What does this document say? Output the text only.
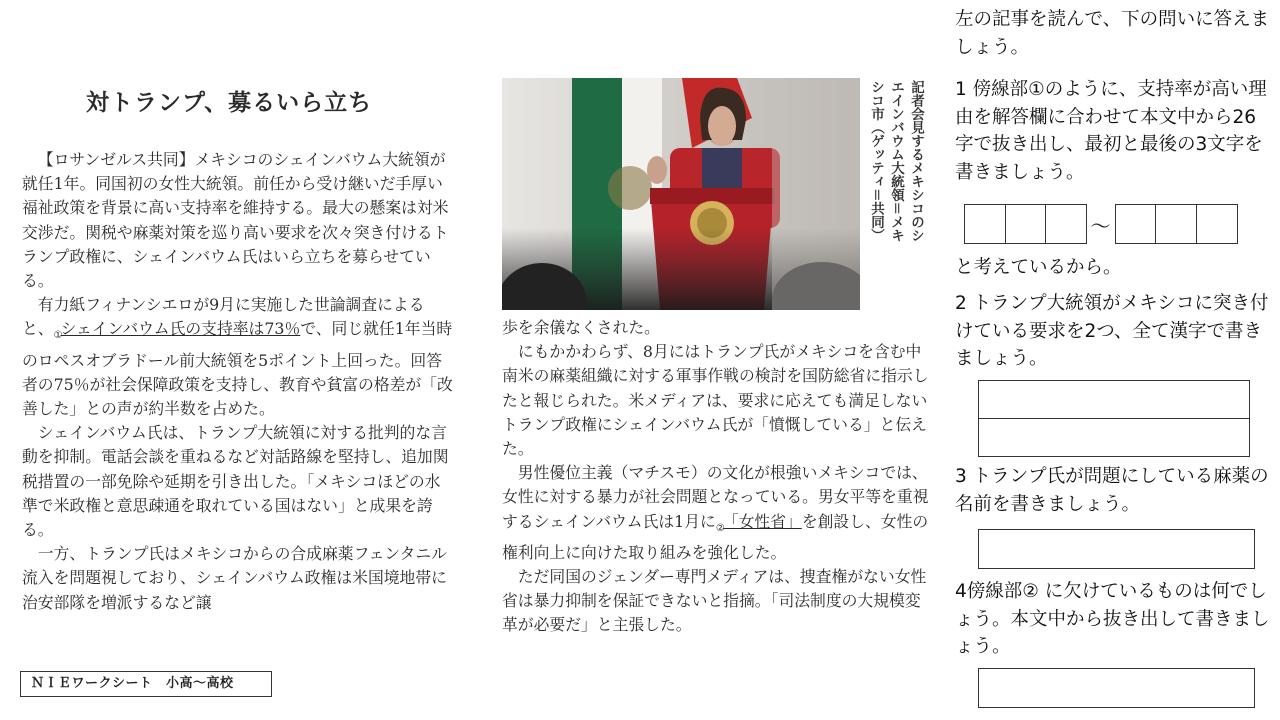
対トランプ、募るいら立ち

【ロサンゼルス共同】メキシコのシェインバウム大統領が就任1年。同国初の女性大統領。前任から受け継いだ手厚い福祉政策を背景に高い支持率を維持する。最大の懸案は対米交渉だ。関税や麻薬対策を巡り高い要求を次々突き付けるトランプ政権に、シェインバウム氏はいら立ちを募らせている。

有力紙フィナンシエロが9月に実施した世論調査によると、$_①$シェインバウム氏の支持率は73％で、同じ就任1年当時のロペスオブラドール前大統領を5ポイント上回った。回答者の75％が社会保障政策を支持し、教育や貧富の格差が「改善した」との声が約半数を占めた。

シェインバウム氏は、トランプ大統領に対する批判的な言動を抑制。電話会談を重ねるなど対話路線を堅持し、追加関税措置の一部免除や延期を引き出した。「メキシコほどの水準で米政権と意思疎通を取れている国はない」と成果を誇る。

一方、トランプ氏はメキシコからの合成麻薬フェンタニル流入を問題視しており、シェインバウム政権は米国境地帯に治安部隊を増派するなど譲

記者会見するメキシコのシ
エインバウム大統領＝メキ
シコ市（ゲッティ＝共同）

歩を余儀なくされた。

にもかかわらず、8月にはトランプ氏がメキシコを含む中南米の麻薬組織に対する軍事作戦の検討を国防総省に指示したと報じられた。米メディアは、要求に応えても満足しないトランプ政権にシェインバウム氏が「憤慨している」と伝えた。

男性優位主義（マチスモ）の文化が根強いメキシコでは、女性に対する暴力が社会問題となっている。男女平等を重視するシェインバウム氏は1月に$_②$「女性省」を創設し、女性の権利向上に向けた取り組みを強化した。

ただ同国のジェンダー専門メディアは、捜査権がない女性省は暴力抑制を保証できないと指摘。「司法制度の大規模変革が必要だ」と主張した。

ＮＩＥワークシート　小高～高校
左の記事を読んで、下の問いに答えましょう。
1 傍線部①のように、支持率が高い理由を解答欄に合わせて本文中から26字で抜き出し、最初と最後の3文字を書きましょう。
～
と考えているから。
2 トランプ大統領がメキシコに突き付けている要求を2つ、全て漢字で書きましょう。
3 トランプ氏が問題にしている麻薬の名前を書きましょう。
4傍線部② に欠けているものは何でしょう。本文中から抜き出して書きましょう。
